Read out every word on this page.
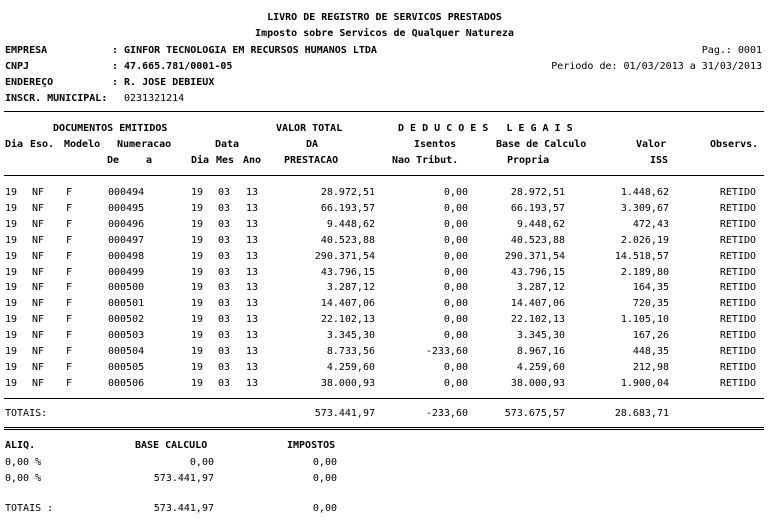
LIVRO DE REGISTRO DE SERVICOS PRESTADOS
Imposto sobre Servicos de Qualquer Natureza
EMPRESA	: GINFOR TECNOLOGIA EM RECURSOS HUMANOS LTDA	Pag.: 0001
CNPJ	: 47.665.781/0001-05	Periodo de: 01/03/2013 a 31/03/2013
ENDEREÇO	: R. JOSE DEBIEUX
INSCR. MUNICIPAL: 0231321214
DOCUMENTOS EMITIDOS	VALOR TOTAL	D E D U C O E S   L E G A I S
Dia Eso. Modelo Numeracao	Data	DA	Isentos	Base de Calculo	Valor	Observs.
De	a	Dia Mes Ano PRESTACAO	Nao Tribut.	Propria	ISS
19	NF	F	000494	19	03	13	28.972,51	0,00	28.972,51	1.448,62	RETIDO
19	NF	F	000495	19	03	13	66.193,57	0,00	66.193,57	3.309,67	RETIDO
19	NF	F	000496	19	03	13	9.448,62	0,00	9.448,62	472,43	RETIDO
19	NF	F	000497	19	03	13	40.523,88	0,00	40.523,88	2.026,19	RETIDO
19	NF	F	000498	19	03	13	290.371,54	0,00	290.371,54	14.518,57	RETIDO
19	NF	F	000499	19	03	13	43.796,15	0,00	43.796,15	2.189,80	RETIDO
19	NF	F	000500	19	03	13	3.287,12	0,00	3.287,12	164,35	RETIDO
19	NF	F	000501	19	03	13	14.407,06	0,00	14.407,06	720,35	RETIDO
19	NF	F	000502	19	03	13	22.102,13	0,00	22.102,13	1.105,10	RETIDO
19	NF	F	000503	19	03	13	3.345,30	0,00	3.345,30	167,26	RETIDO
19	NF	F	000504	19	03	13	8.733,56	-233,60	8.967,16	448,35	RETIDO
19	NF	F	000505	19	03	13	4.259,60	0,00	4.259,60	212,98	RETIDO
19	NF	F	000506	19	03	13	38.000,93	0,00	38.000,93	1.900,04	RETIDO
TOTAIS:	573.441,97	-233,60	573.675,57	28.683,71
ALIQ.	BASE CALCULO	IMPOSTOS
0,00 %	0,00	0,00
0,00 %	573.441,97	0,00
TOTAIS :	573.441,97	0,00
